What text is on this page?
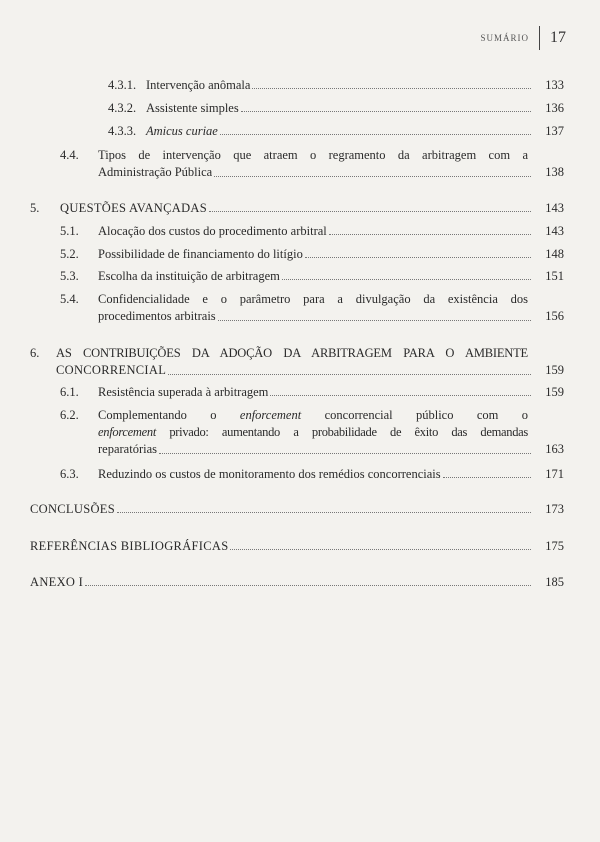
SUMÁRIO	17
4.3.1. Intervenção anômala	133
4.3.2. Assistente simples	136
4.3.3. Amicus curiae	137
4.4. Tipos de intervenção que atraem o regramento da arbitragem com a
Administração Pública	138
5.	QUESTÕES AVANÇADAS	143
5.1.	Alocação dos custos do procedimento arbitral	143
5.2.	Possibilidade de financiamento do litígio	148
5.3.	Escolha da instituição de arbitragem	151
5.4. Confidencialidade e o parâmetro para a divulgação da existência dos
procedimentos arbitrais	156
6. AS CONTRIBUIÇÕES DA ADOÇÃO DA ARBITRAGEM PARA O AMBIENTE
CONCORRENCIAL	159
6.1.	Resistência superada à arbitragem	159
6.2. Complementando o enforcement concorrencial público com o
enforcement privado: aumentando a probabilidade de êxito das demandas
reparatórias	163
6.3.	Reduzindo os custos de monitoramento dos remédios concorrenciais	171
CONCLUSÕES	173
REFERÊNCIAS BIBLIOGRÁFICAS	175
ANEXO I	185
